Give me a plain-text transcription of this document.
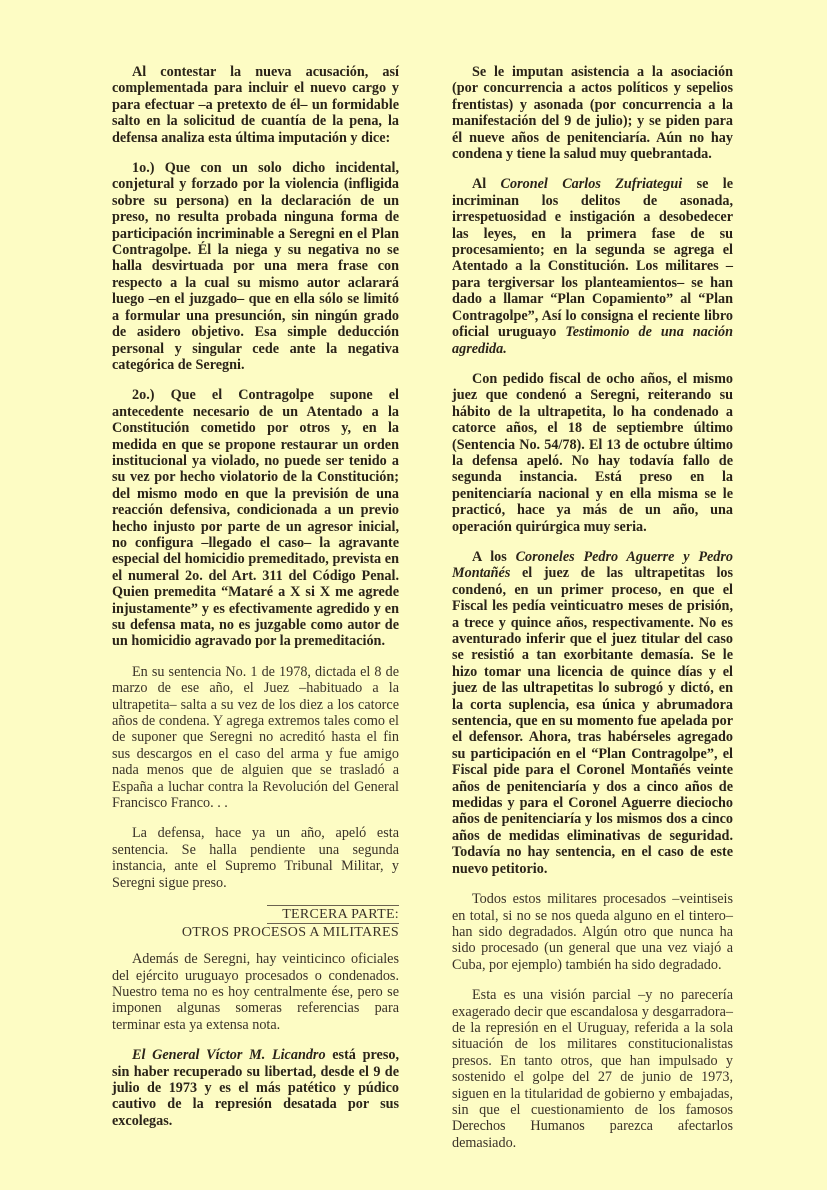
Al contestar la nueva acusación, así complementada para incluir el nuevo cargo y para efectuar –a pretexto de él– un formidable salto en la solicitud de cuantía de la pena, la defensa analiza esta última imputación y dice:

1o.) Que con un solo dicho incidental, conjetural y forzado por la violencia (infligida sobre su persona) en la declaración de un preso, no resulta probada ninguna forma de participación incriminable a Seregni en el Plan Contragolpe. Él la niega y su negativa no se halla desvirtuada por una mera frase con respecto a la cual su mismo autor aclarará luego –en el juzgado– que en ella sólo se limitó a formular una presunción, sin ningún grado de asidero objetivo. Esa simple deducción personal y singular cede ante la negativa categórica de Seregni.

2o.) Que el Contragolpe supone el antecedente necesario de un Atentado a la Constitución cometido por otros y, en la medida en que se propone restaurar un orden institucional ya violado, no puede ser tenido a su vez por hecho violatorio de la Constitución; del mismo modo en que la previsión de una reacción defensiva, condicionada a un previo hecho injusto por parte de un agresor inicial, no configura –llegado el caso– la agravante especial del homicidio premeditado, prevista en el numeral 2o. del Art. 311 del Código Penal. Quien premedita “Mataré a X si X me agrede injustamente” y es efectivamente agredido y en su defensa mata, no es juzgable como autor de un homicidio agravado por la premeditación.

En su sentencia No. 1 de 1978, dictada el 8 de marzo de ese año, el Juez –habituado a la ultrapetita– salta a su vez de los diez a los catorce años de condena. Y agrega extremos tales como el de suponer que Seregni no acreditó hasta el fin sus descargos en el caso del arma y fue amigo nada menos que de alguien que se trasladó a España a luchar contra la Revolución del General Francisco Franco. . .

La defensa, hace ya un año, apeló esta sentencia. Se halla pendiente una segunda instancia, ante el Supremo Tribunal Militar, y Seregni sigue preso.

TERCERA PARTE:
OTROS PROCESOS A MILITARES

Además de Seregni, hay veinticinco oficiales del ejército uruguayo procesados o condenados. Nuestro tema no es hoy centralmente ése, pero se imponen algunas someras referencias para terminar esta ya extensa nota.

El General Víctor M. Licandro está preso, sin haber recuperado su libertad, desde el 9 de julio de 1973 y es el más patético y púdico cautivo de la represión desatada por sus excolegas.

Se le imputan asistencia a la asociación (por concurrencia a actos políticos y sepelios frentistas) y asonada (por concurrencia a la manifestación del 9 de julio); y se piden para él nueve años de penitenciaría. Aún no hay condena y tiene la salud muy quebrantada.

Al Coronel Carlos Zufriategui se le incriminan los delitos de asonada, irrespetuosidad e instigación a desobedecer las leyes, en la primera fase de su procesamiento; en la segunda se agrega el Atentado a la Constitución. Los militares –para tergiversar los planteamientos– se han dado a llamar “Plan Copamiento” al “Plan Contragolpe”, Así lo consigna el reciente libro oficial uruguayo Testimonio de una nación agredida.

Con pedido fiscal de ocho años, el mismo juez que condenó a Seregni, reiterando su hábito de la ultrapetita, lo ha condenado a catorce años, el 18 de septiembre último (Sentencia No. 54/78). El 13 de octubre último la defensa apeló. No hay todavía fallo de segunda instancia. Está preso en la penitenciaría nacional y en ella misma se le practicó, hace ya más de un año, una operación quirúrgica muy seria.

A los Coroneles Pedro Aguerre y Pedro Montañés el juez de las ultrapetitas los condenó, en un primer proceso, en que el Fiscal les pedía veinticuatro meses de prisión, a trece y quince años, respectivamente. No es aventurado inferir que el juez titular del caso se resistió a tan exorbitante demasía. Se le hizo tomar una licencia de quince días y el juez de las ultrapetitas lo subrogó y dictó, en la corta suplencia, esa única y abrumadora sentencia, que en su momento fue apelada por el defensor. Ahora, tras habérseles agregado su participación en el “Plan Contragolpe”, el Fiscal pide para el Coronel Montañés veinte años de penitenciaría y dos a cinco años de medidas y para el Coronel Aguerre dieciocho años de penitenciaría y los mismos dos a cinco años de medidas eliminativas de seguridad. Todavía no hay sentencia, en el caso de este nuevo petitorio.

Todos estos militares procesados –veintiseis en total, si no se nos queda alguno en el tintero– han sido degradados. Algún otro que nunca ha sido procesado (un general que una vez viajó a Cuba, por ejemplo) también ha sido degradado.

Esta es una visión parcial –y no parecería exagerado decir que escandalosa y desgarradora– de la represión en el Uruguay, referida a la sola situación de los militares constitucionalistas presos. En tanto otros, que han impulsado y sostenido el golpe del 27 de junio de 1973, siguen en la titularidad de gobierno y embajadas, sin que el cuestionamiento de los famosos Derechos Humanos parezca afectarlos demasiado.
